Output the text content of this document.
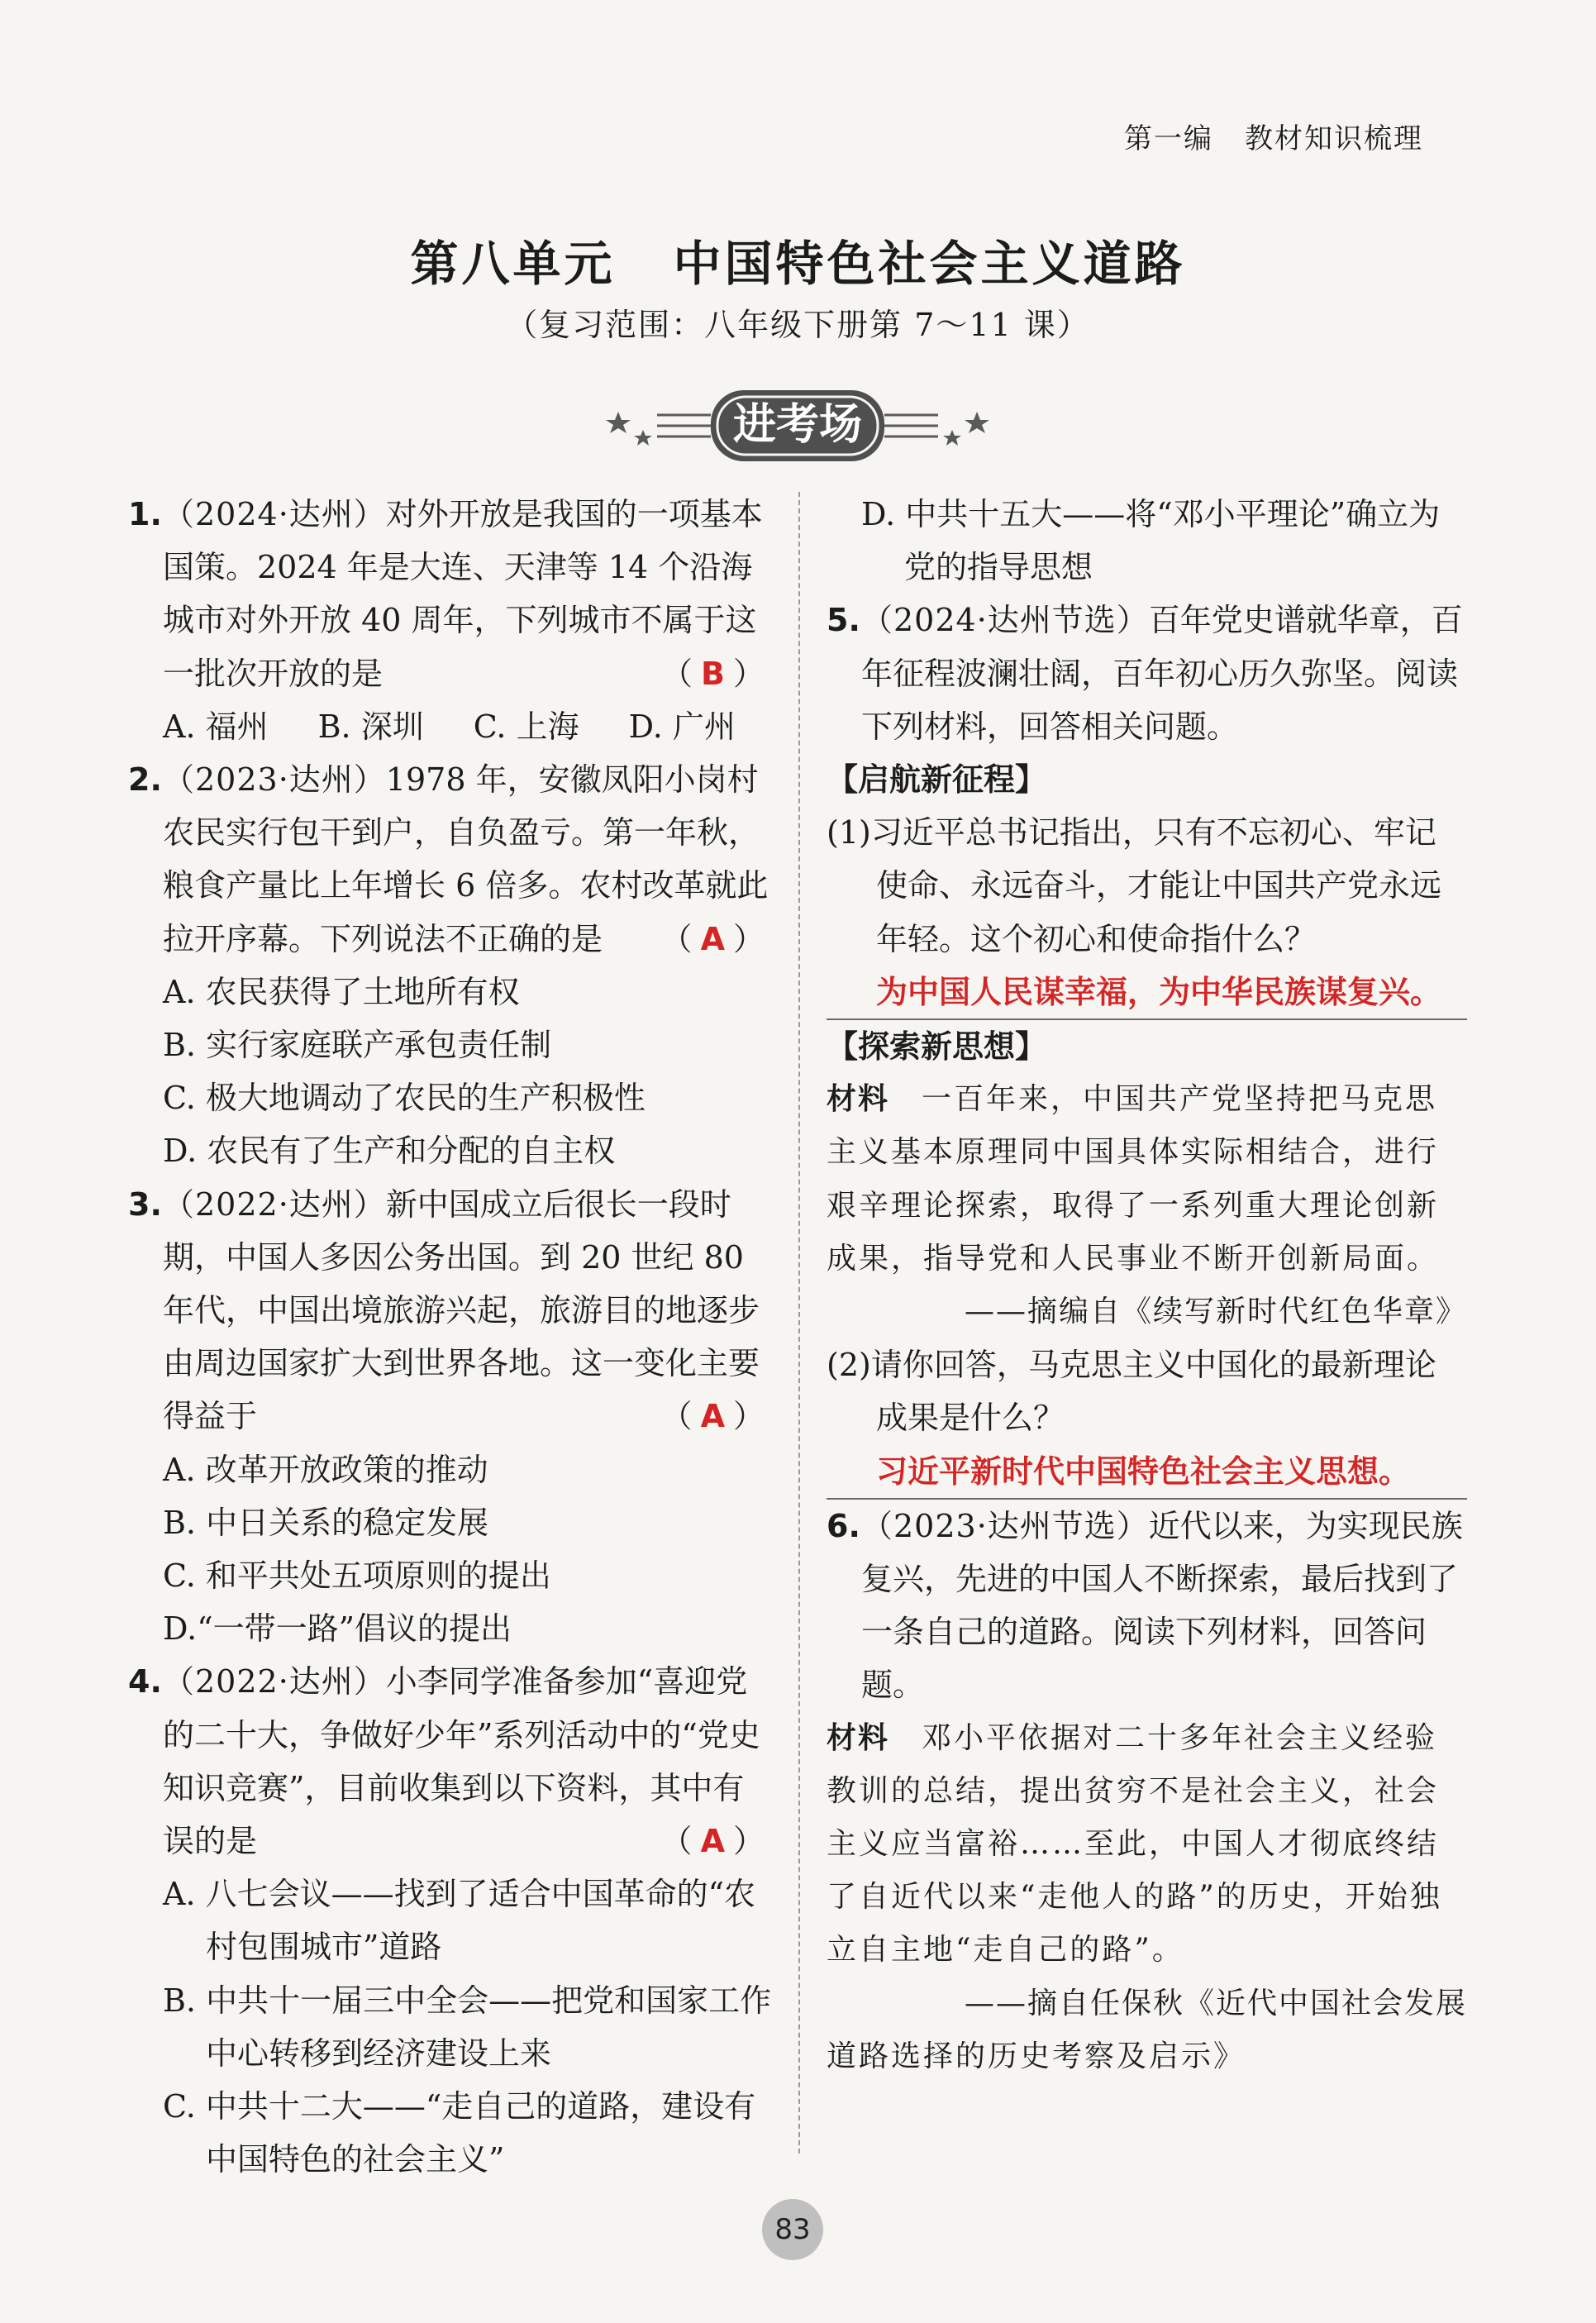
第一编 教材知识梳理
第八单元 中国特色社会主义道路
（复习范围：八年级下册第 7～11 课）
进考场
1. （2024·达州）对外开放是我国的一项基本国策。2024 年是大连、天津等 14 个沿海城市对外开放 40 周年，下列城市不属于这一批次开放的是	（B）
A. 福州 B. 深圳 C. 上海 D. 广州
2. （2023·达州）1978 年，安徽凤阳小岗村农民实行包干到户，自负盈亏。第一年秋，粮食产量比上年增长 6 倍多。农村改革就此拉开序幕。下列说法不正确的是 （A）
A. 农民获得了土地所有权
B. 实行家庭联产承包责任制
C. 极大地调动了农民的生产积极性
D. 农民有了生产和分配的自主权
3. （2022·达州）新中国成立后很长一段时期，中国人多因公务出国。到 20 世纪 80 年代，中国出境旅游兴起，旅游目的地逐步由周边国家扩大到世界各地。这一变化主要得益于	（A）
A. 改革开放政策的推动
B. 中日关系的稳定发展
C. 和平共处五项原则的提出
D.“一带一路”倡议的提出
4. （2022·达州）小李同学准备参加“喜迎党的二十大，争做好少年”系列活动中的“党史知识竞赛”，目前收集到以下资料，其中有误的是	（A）
A. 八七会议——找到了适合中国革命的“农村包围城市”道路
B. 中共十一届三中全会——把党和国家工作中心转移到经济建设上来
C. 中共十二大——“走自己的道路，建设有中国特色的社会主义”
D. 中共十五大——将“邓小平理论”确立为党的指导思想
5. （2024·达州节选）百年党史谱就华章，百年征程波澜壮阔，百年初心历久弥坚。阅读下列材料，回答相关问题。
【启航新征程】
(1)习近平总书记指出，只有不忘初心、牢记使命、永远奋斗，才能让中国共产党永远年轻。这个初心和使命指什么？
为中国人民谋幸福，为中华民族谋复兴。
【探索新思想】
材料　 一百年来，中国共产党坚持把马克思主义基本原理同中国具体实际相结合，进行艰辛理论探索，取得了一系列重大理论创新成果，指导党和人民事业不断开创新局面。
——摘编自《续写新时代红色华章》
(2)请你回答，马克思主义中国化的最新理论成果是什么？
习近平新时代中国特色社会主义思想。
6. （2023·达州节选）近代以来，为实现民族复兴，先进的中国人不断探索，最后找到了一条自己的道路。阅读下列材料，回答问题。
材料　 邓小平依据对二十多年社会主义经验教训的总结，提出贫穷不是社会主义，社会主义应当富裕……至此，中国人才彻底终结了自近代以来“走他人的路”的历史，开始独立自主地“走自己的路”。
——摘自任保秋《近代中国社会发展
道路选择的历史考察及启示》
83
